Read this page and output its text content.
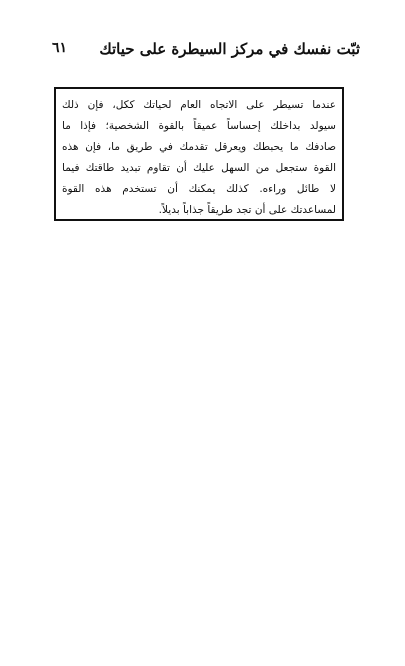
ثبّت نفسك في مركز السيطرة على حياتك
٦١
عندما تسيطر على الاتجاه العام لحياتك ككل، فإن ذلك
سيولد بداخلك إحساساً عميقاً بالقوة الشخصية؛ فإذا ما
صادفك ما يحبطك ويعرقل تقدمك في طريق ما، فإن هذه
القوة ستجعل من السهل عليك أن تقاوم تبديد طاقتك فيما
لا طائل وراءه. كذلك يمكنك أن تستخدم هذه القوة
لمساعدتك على أن تجد طريقاً جذاباً بديلاً.
